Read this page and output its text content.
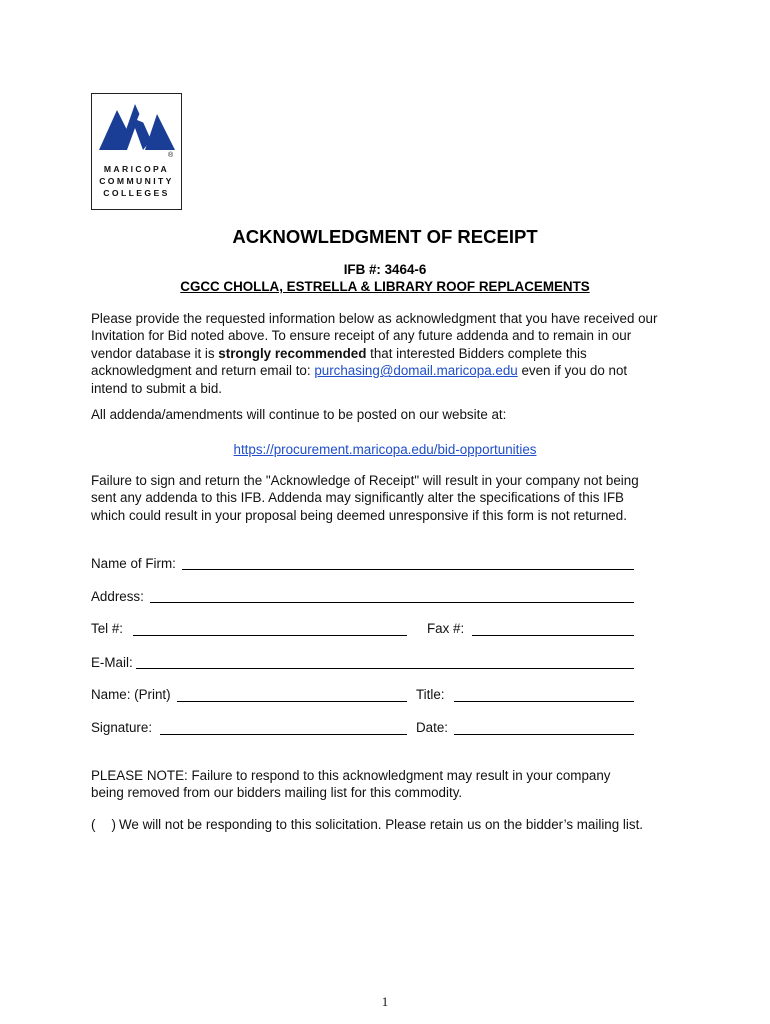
®
MARICOPA
COMMUNITY
COLLEGES
ACKNOWLEDGMENT OF RECEIPT
IFB #: 3464-6
CGCC CHOLLA, ESTRELLA & LIBRARY ROOF REPLACEMENTS
Please provide the requested information below as acknowledgment that you have received our
Invitation for Bid noted above. To ensure receipt of any future addenda and to remain in our
vendor database it is strongly recommended that interested Bidders complete this
acknowledgment and return email to: purchasing@domail.maricopa.edu even if you do not
intend to submit a bid.
All addenda/amendments will continue to be posted on our website at:
https://procurement.maricopa.edu/bid-opportunities
Failure to sign and return the "Acknowledge of Receipt" will result in your company not being
sent any addenda to this IFB. Addenda may significantly alter the specifications of this IFB
which could result in your proposal being deemed unresponsive if this form is not returned.
Name of Firm:
Address:
Tel #:	Fax #:
E-Mail:
Name: (Print)	Title:
Signature:	Date:
PLEASE NOTE: Failure to respond to this acknowledgment may result in your company
being removed from our bidders mailing list for this commodity.
( ) We will not be responding to this solicitation. Please retain us on the bidder’s mailing list.
1
